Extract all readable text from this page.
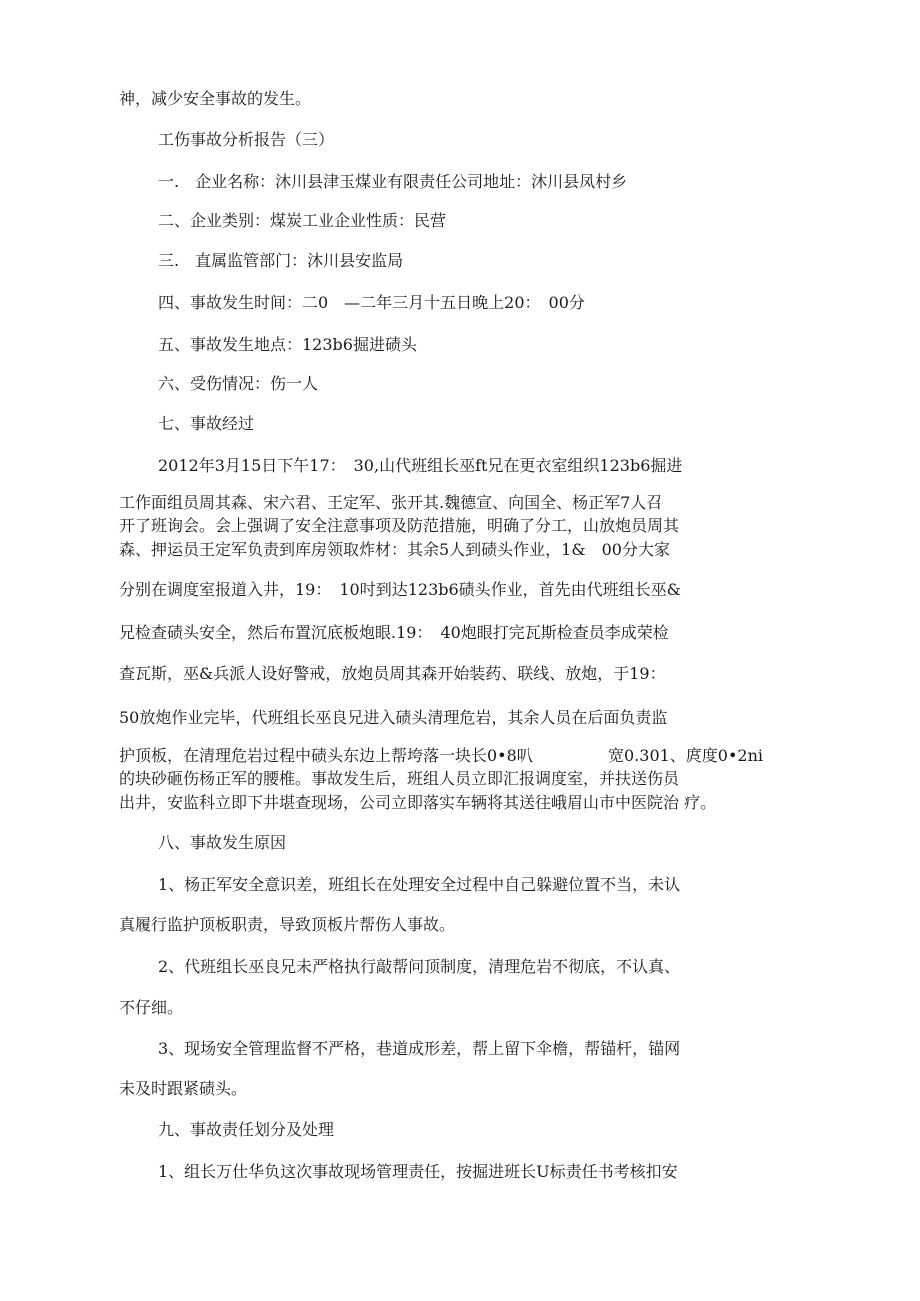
神，减少安全事故的发生。
工伤事故分析报告（三）
一.　企业名称：沐川县津玉煤业有限责任公司地址：沐川县凤村乡
二、企业类别：煤炭工业企业性质：民营
三.　直属监管部门：沐川县安监局
四、事故发生时间：二0　—二年三月十五日晚上20：　00分
五、事故发生地点：123b6掘进碛头
六、受伤情况：伤一人
七、事故经过
2012年3月15日下午17：　30,山代班组长巫ft兄在更衣室组织123b6掘进
工作面组员周其森、宋六君、王定军、张开其.魏德宣、向国全、杨正军7人召
开了班询会。会上强调了安全注意事项及防范措施，明确了分工，山放炮员周其
森、押运员王定军负责到库房领取炸材：其余5人到碛头作业，1&　00分大家
分别在调度室报道入井，19：　10吋到达123b6碛头作业，首先由代班组长巫&
兄检查碛头安全，然后布置沉底板炮眼.19：　40炮眼打完瓦斯检查员李成荣检
查瓦斯，巫&兵派人设好警戒，放炮员周其森开始装药、联线、放炮，于19：
50放炮作业完毕，代班组长巫良兄进入碛头清理危岩，其余人员在后面负责监
护顶板，在清理危岩过程中碛头东边上帮垮落一块长0•8叭	宽0.301、庹度0•2ni
的块砂砸伤杨正军的腰椎。事故发生后，班组人员立即汇报调度室，并扶送伤员
出井，安监科立即下井堪查现场，公司立即落实车辆将其送往峨眉山市中医院治 疗。
八、事故发生原因
1、杨正军安全意识差，班组长在处理安全过程中自己躲避位置不当，未认
真履行监护顶板职责，导致顶板片帮伤人事故。
2、代班组长巫良兄未严格执行敲帮问顶制度，清理危岩不彻底，不认真、
不仔细。
3、现场安全管理监督不严格，巷道成形差，帮上留下伞檐，帮锚杆，锚网
未及时跟紧碛头。
九、事故责任划分及处理
1、组长万仕华负这次事故现场管理责任，按掘进班长U标责任书考核扣安
